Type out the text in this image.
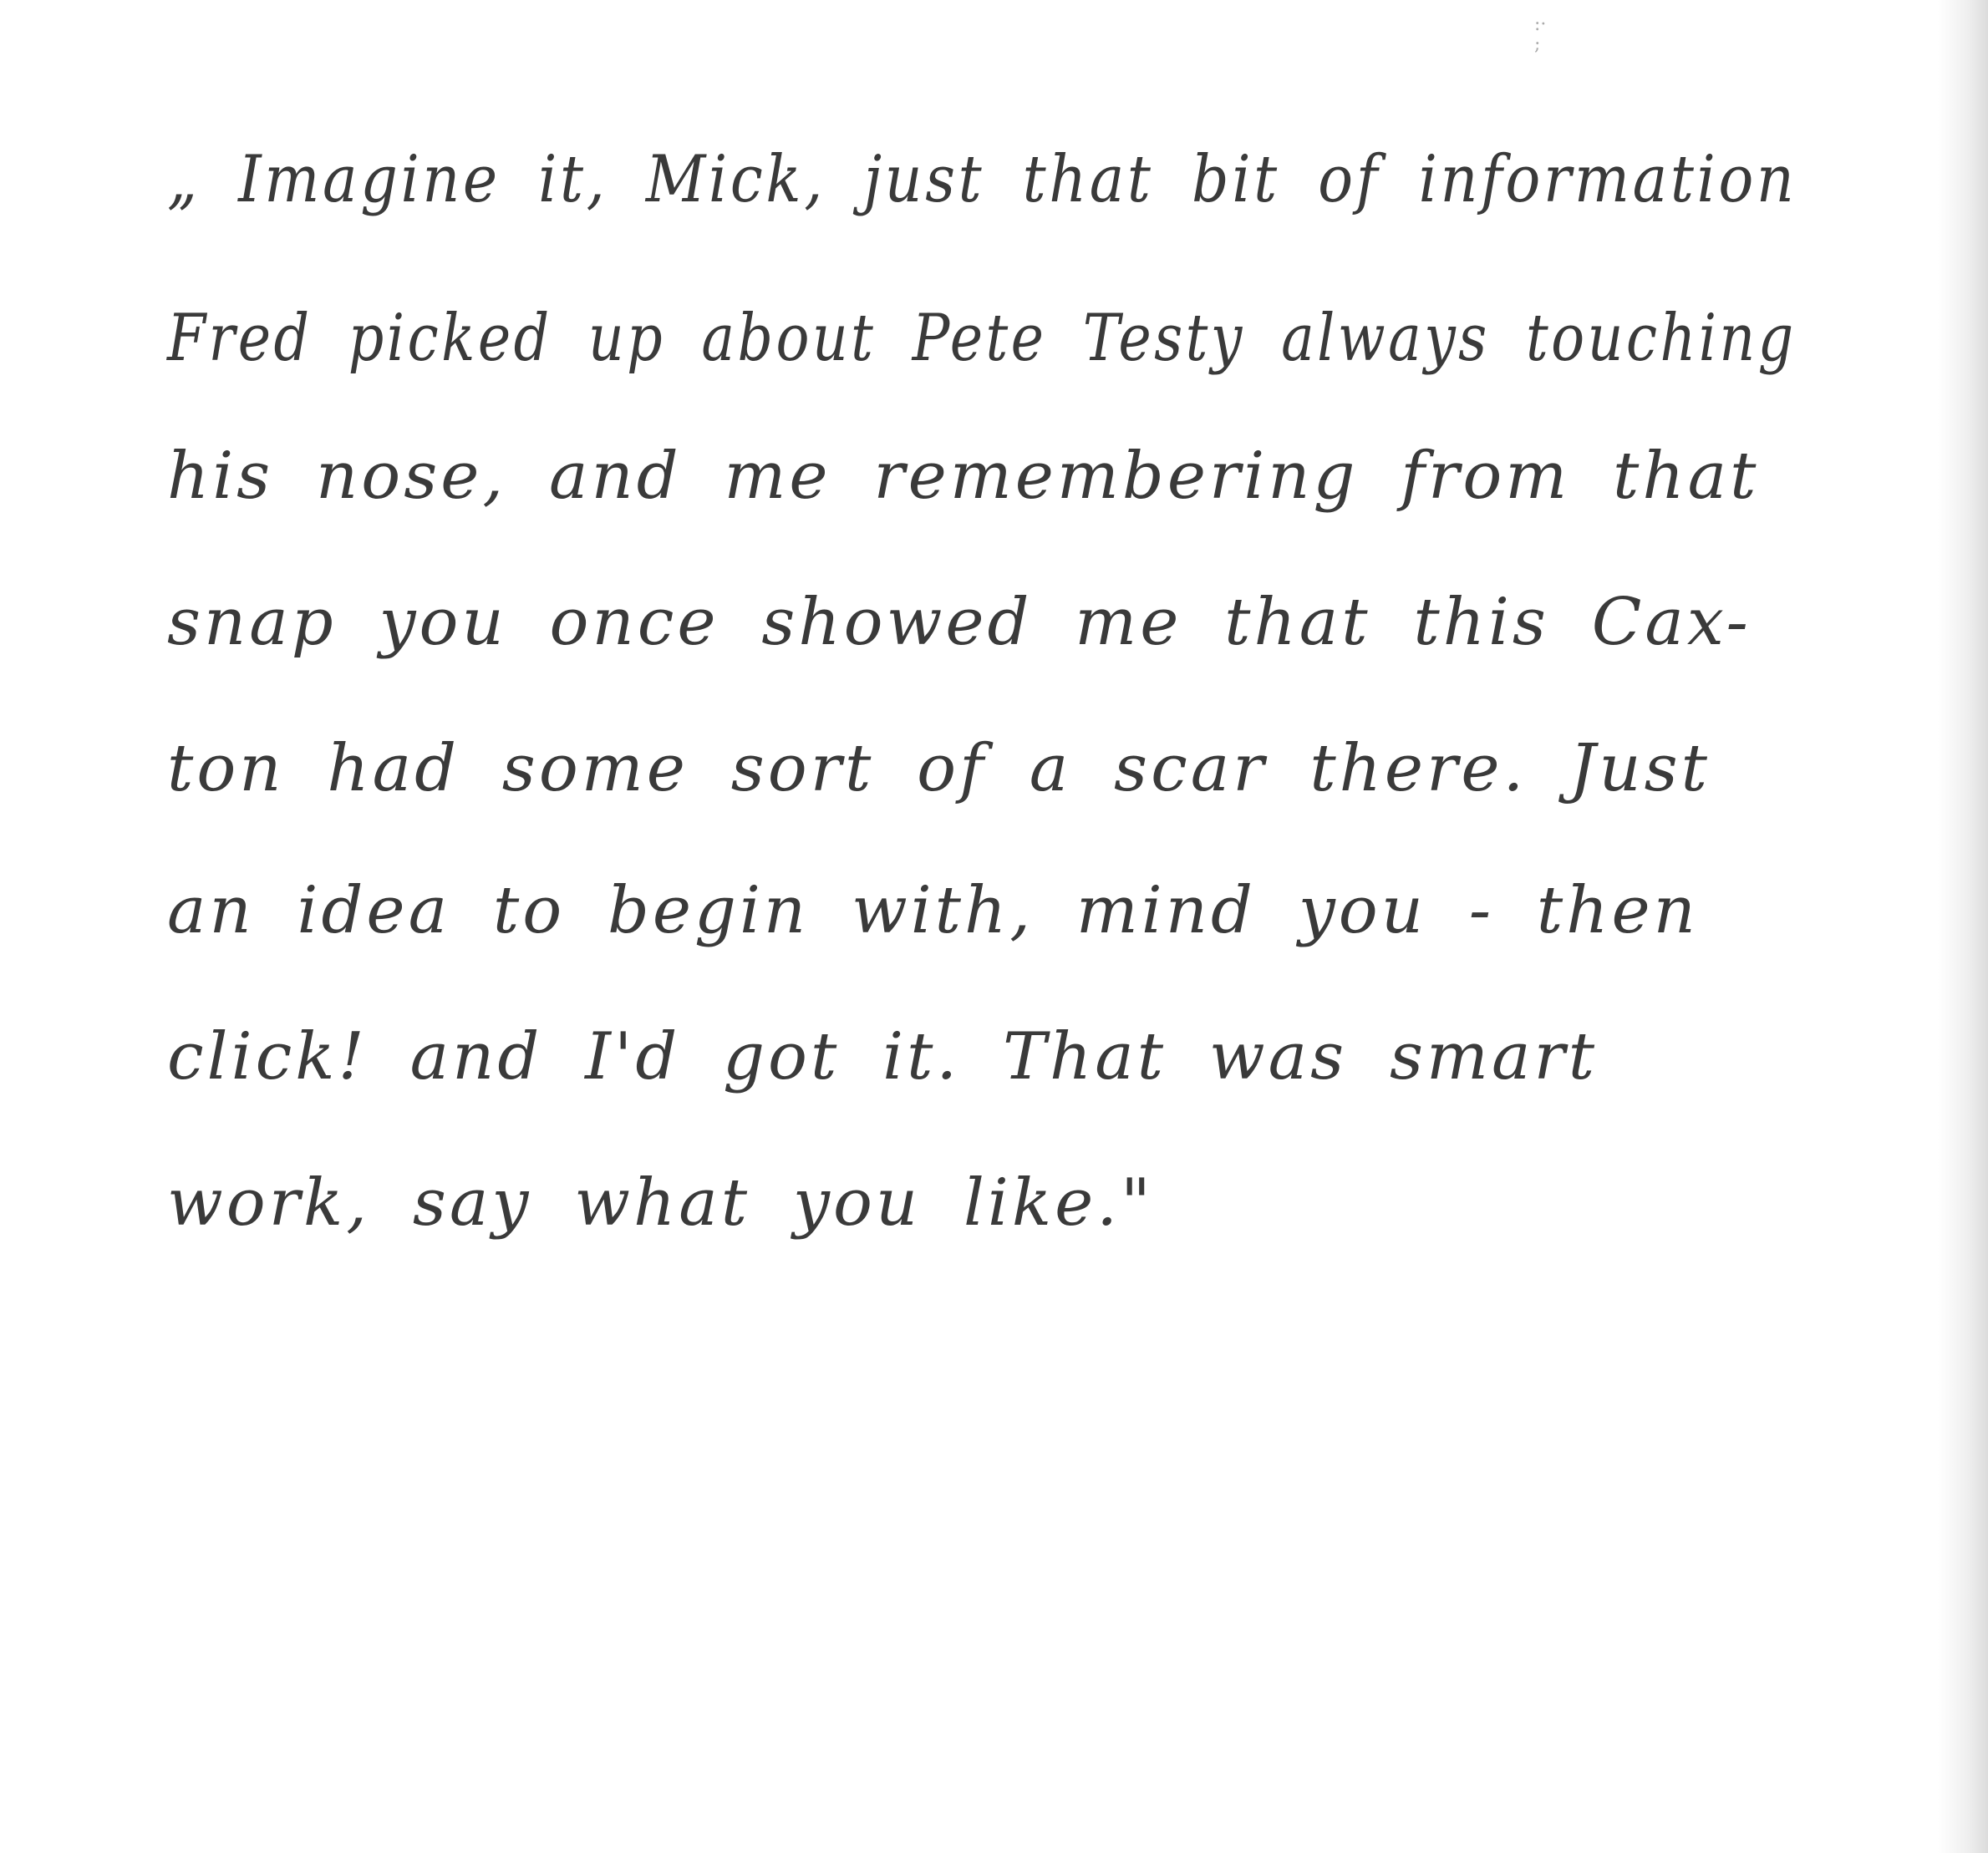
:·
;
„ Imagine it, Mick, just that bit of information
Fred picked up about Pete Testy always touching
his nose, and me remembering from that
snap you once showed me that this Cax-
ton had some sort of a scar there. Just
an idea to begin with, mind you - then
click! and I'd got it. That was smart
work, say what you like."
